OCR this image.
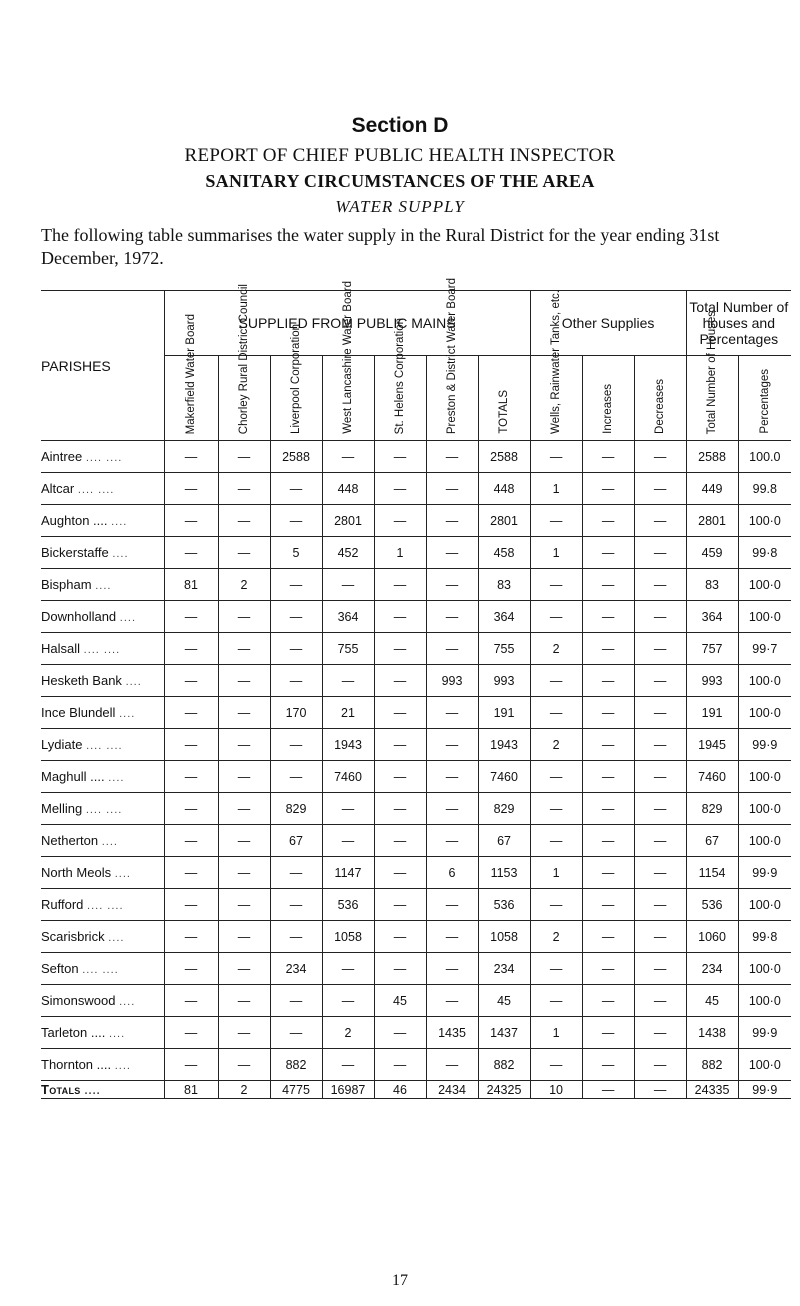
Section D
REPORT OF CHIEF PUBLIC HEALTH INSPECTOR
SANITARY CIRCUMSTANCES OF THE AREA
WATER SUPPLY
The following table summarises the water supply in the Rural District for the year ending 31st December, 1972.
PARISHES	SUPPLIED FROM PUBLIC MAINS							Other Supplies			Total Number of houses and Percentages	

	Makerfield Water Board	Chorley Rural District Council	Liverpool Corporation	West Lancashire Water Board	St. Helens Corporation	Preston & District Water Board	TOTALS	Wells, Rainwater Tanks, etc.	Increases	Decreases	Total Number of Houses	Percentages

Aintree .... ....	—	—	2588	—	—	—	2588	—	—	—	2588	100.0
Altcar .... ....	—	—	—	448	—	—	448	1	—	—	449	99.8
Aughton .... ....	—	—	—	2801	—	—	2801	—	—	—	2801	100·0
Bickerstaffe ....	—	—	5	452	1	—	458	1	—	—	459	99·8
Bispham ....	81	2	—	—	—	—	83	—	—	—	83	100·0
Downholland ....	—	—	—	364	—	—	364	—	—	—	364	100·0
Halsall .... ....	—	—	—	755	—	—	755	2	—	—	757	99·7
Hesketh Bank ....	—	—	—	—	—	993	993	—	—	—	993	100·0
Ince Blundell ....	—	—	170	21	—	—	191	—	—	—	191	100·0
Lydiate .... ....	—	—	—	1943	—	—	1943	2	—	—	1945	99·9
Maghull .... ....	—	—	—	7460	—	—	7460	—	—	—	7460	100·0
Melling .... ....	—	—	829	—	—	—	829	—	—	—	829	100·0
Netherton ....	—	—	67	—	—	—	67	—	—	—	67	100·0
North Meols ....	—	—	—	1147	—	6	1153	1	—	—	1154	99·9
Rufford .... ....	—	—	—	536	—	—	536	—	—	—	536	100·0
Scarisbrick ....	—	—	—	1058	—	—	1058	2	—	—	1060	99·8
Sefton .... ....	—	—	234	—	—	—	234	—	—	—	234	100·0
Simonswood ....	—	—	—	—	45	—	45	—	—	—	45	100·0
Tarleton .... ....	—	—	—	2	—	1435	1437	1	—	—	1438	99·9
Thornton .... ....	—	—	882	—	—	—	882	—	—	—	882	100·0
Totals ....	81	2	4775	16987	46	2434	24325	10	—	—	24335	99·9
17
